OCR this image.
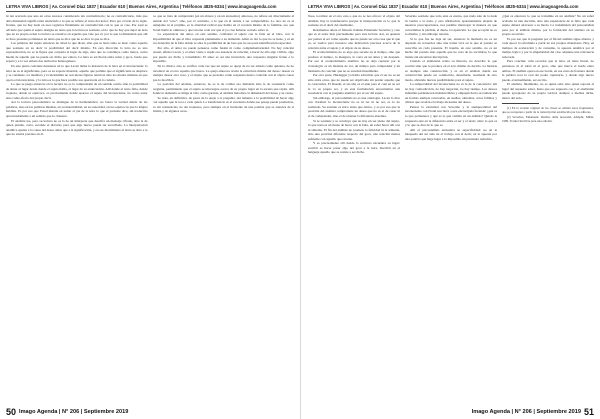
LETRA VIVA LIBROS | Av. Coronel Díaz 1837 | Ecuador 610 | Buenos Aires, Argentina | Teléfonos 4825-6334 | www.imagoagenda.com

ni tan acertado que uno en otros sucesos considerado tan contradictorio; no es contradictorio, más que dela dimensión signifi-cante enunciada a lo que se refiere el texto del lector. Pero por el lado de lo signi-ficante, que no hay nada en esos registros finalmente en contradicción con lo que se cree. Por aquí se advierte que quien el sujeto designa en tanto que la lectura se sostiene, en lo que no hay que dejar de lado que en su propio orden la lectura se resuelve en aquello que vale por él, por lo que la dimensión que allí se hace presente permanece en tanto que se dice que no se dice lo que se dice.

Las palabras del sujeto entonces no dicen lo que dicen, sino que se leen como se leen: como aquello que sostiene en su decir la posibilidad del decir mismo. En esta dirección la letra no es una representación, no es la figura que ocuparía el lugar de algo, sino que se constituye como marca, como huella de aquello que no puede ser dicho por entero. La letra es así litoral entre saber y goce, borde que separa y a la vez enlaza dos territorios heterogéneos.

En este punto conviene detenerse en lo que Lacan llama la instancia de la letra en el inconsciente: la letra no es el significante, pero es su soporte material, aquello que permite que el significante se desplace y se condense. La metáfora y la metonimia no son meras figuras retóricas sino los modos mismos en que opera el inconsciente, y la letra es lo que hace posible esa operatoria en la cadena.

Lo que se juega entonces en la lectura no es la comprensión de un sentido oculto sino la posibilidad de situar el lugar desde donde el sujeto habla, el lugar de su enunciación. Allí donde el texto falla, donde tropieza, donde se equivoca, es precisamente donde aparece el sujeto del inconsciente, no como autor sino como efecto del propio decir.

Así la lectura psicoanalítica se distingue de la hermenéutica: no busca la verdad detrás de las palabras, sino en las palabras mismas, en su materialidad, en su sonoridad, en los equívocos que la lengua habilita. Es por eso que Freud insistía en tomar al pie de la letra lo que el paciente dice, sin traducirlo apresuradamente a un sentido que lo clausure.

El analista lee, pero su lectura no es la de un intérprete que descifra un mensaje cifrado, sino la de quien puntúa, corta, escande el discurso para que algo nuevo pueda ser escuchado. La interpretación analítica apunta a la causa del deseo antes que a la significación, y en ese movimiento el texto se abre a lo que no estaba previsto en él.

Lo que se trata de comprender (en un abrazo y en un encuentro) amoroso, no refiere así directamente al sentido del "otro"; sino, por el contrario, a lo que en él resiste a ser comprendido. Lo otro no es el semejante ni el prójimo, es la alteridad radical que habita en el corazón mismo de lo familiar, eso que Freud llamó lo ominoso y que retorna cada vez que el yo cree haberse cerrado sobre sí.

La experiencia del amor, en este sentido, confronta al sujeto con la falta en el Otro, con la imposibilidad de que el Otro responda plenamente a su demanda. Amar es dar lo que no se tiene, y es en esa donación de la falta donde se abre la posibilidad de un lazo que no sea pura identificación especular.

Por ello, el amor no puede pensarse como fusión ni como complementariedad. No hay relación sexual, afirma Lacan, y el amor viene a suplir esa ausencia de relación, a hacer de ella algo vivible, algo que pueda ser dicho y transmitido. El amor es así una invención, una respuesta singular frente a lo imposible.

En la clínica, esto se verifica cada vez que un sujeto se queja de no ser amado como quisiera, de no encontrar en el otro aquello que busca. La queja amorosa revela la estructura misma del deseo: desear es siempre desear otra cosa, y el objeto que se presenta como respuesta nunca coincide con el objeto causa que lo moviliza.

La posición del analista, entonces, no es la de colmar esa demanda sino la de sostenerla como pregunta, permitiendo que el sujeto se interrogue acerca de su propio lugar en la escena que repite. Allí donde la demanda se dirige al Otro como garante, el análisis introduce la dimensión del deseo y su causa.

Se trata, en definitiva, de pasar de la queja a la pregunta, del lamento a la posibilidad de hacer algo con aquello que le toca a cada quien. La transferencia es el escenario donde ese pasaje puede producirse, no sin resistencias, no sin tropiezos, pero siempre en el horizonte de una palabra que se autoriza de sí misma y de algunos otros.

50 Imago Agenda | N° 206 | Septiembre 2019
LETRA VIVA LIBROS | Av. Coronel Díaz 1837 | Ecuador 610 | Buenos Aires, Argentina | Teléfonos 4825-6334 | www.imagoagenda.com

llosa, localizar en el otro esto o que no se nos ofrece: el objeto del análisis; hay la transferencia porque la interpretación es lo que la sostiene en el decir del analizante.

Retomemos ahora el filósofo italiano Emanuele Severino y creo que es el autor más precisamente para esta lectura. Así, su apuesta por pensar el ser como aquello que no puede ser otra cosa que lo que es, se vuelve para nosotros una indicación preciosa acerca de la relación entre el sujeto y el objeto de su deseo.

El acontecimiento no es algo que sucede en el tiempo, sino que produce el tiempo, lo inaugura, lo corta en un antes y un después. Por eso el acontecimiento analítico no se deja capturar por la cronología: es un instante de ver, un tiempo para comprender y un momento de concluir que no se suceden linealmente.

Por otra parte, Heidegger ya había advertido que el ser no es un ente entre otros, que no puede ser objetivado sin perder aquello que lo caracteriza. El Dasein, el ser-ahí, es el ente para el cual en su ser le va su propio ser, y en esta formulación encontramos una resonancia con la pregunta analítica por el ser del sujeto.

Sin embargo, el psicoanálisis no es una ontología. Lacan lo dice con claridad: lo inconsciente no es ni ser ni no ser, es lo no realizado. Su estatuto es ético antes que óntico, y es por eso que la posición del analista compromete un deseo que no es el de curar ni el de comprender, sino el de obtener la diferencia absoluta.

Si se sostiene y se concluye que no hay un ser pleno del sujeto, lo que resta es un modo de hacer con la falta, un saber hacer allí con el síntoma. El fin del análisis no promete la felicidad ni la armonía, sino una posición diferente respecto del goce, una relación menos sufriente con aquello que retorna.

Y es precisamente allí donde la escritura encuentra su lugar: escribir es hacer pasar algo del goce a la letra, inscribir en el lenguaje aquello que se resiste a ser dicho.

Severino sostiene que todo ente es eterno, que nada sale de la nada ni vuelve a la nada, y esta afirmación, aparentemente alejada de nuestras preocupaciones, nos permite interrogar la manera en que concebimos la pérdida, el duelo, la repetición. Lo que se repite no es lo mismo, y sin embargo retorna.

Si lo que fue no deja de ser, entonces la memoria no es un depósito de recuerdos sino una trama viva en la que el pasado se reescribe en cada presente. El trauma, en este sentido, no es un hecho del pasado sino aquello que no cesa de no escribirse, lo que insiste sin encontrar inscripción.

Cuando el analizante relata su historia, no describe lo que ocurrió sino que lo produce en el acto mismo de decirlo. La historia es siempre una construcción, y es en el análisis donde esa construcción puede ser conmovida, desarmada, rearmada de otro modo, abriendo nuevas posibilidades para el sujeto.

La temporalidad del inconsciente no es la de la conciencia: allí no hay contradicción, no hay negación, no hay tiempo. Los deseos infantiles permanecen indestructibles y empujan hacia su realización en formas siempre renovadas, en sueños, síntomas, actos fallidos y chistes que revelan el trabajo incesante del deseo.

Pensar la eternidad con Severino y la atemporalidad del inconsciente con Freud nos lleva a una encrucijada fecunda: ¿qué es lo que permanece y qué es lo que cambia en un análisis? Quizás la respuesta esté en la diferencia entre el ser y el decir, entre lo que es y lo que se dice de lo que es.

Allí el psicoanálisis encuentra su especificidad: no en la búsqueda del ser sino en el trabajo con el decir, en la apuesta por una palabra que haga lugar a lo imposible sin pretender reducirlo.

¿Qué es entonces lo que se transmite en un análisis? No un saber acabado ni una doctrina, sino una experiencia de la falta que cada sujeto deberá atravesar a su modo. La transmisión del psicoanálisis pasa por el análisis mismo, por la formación del analista en su propio recorrido.

Es por eso que la pregunta por el fin del análisis sigue abierta, y cada época la reformula a partir de sus propios malestares. Hoy, en tiempos de aceleración y de consumo, la apuesta analítica por el tiempo lógico y por la singularidad del caso adquiere una relevancia renovada.

Para concluir, cabe recordar que la letra, en tanto litoral, no pertenece ni al saber ni al goce, sino que marca el borde entre ambos. El análisis opera en ese borde, en esa zona de frontera donde la palabra toca lo real sin poder capturarlo, y donde algo nuevo puede, eventualmente, ser escrito.

El analista, finalmente, no es quien sabe sino quien soporta el lugar del supuesto saber, hasta que ese supuesto cae y el analizante puede apropiarse de su propia verdad, siempre a medias dicha, nunca del todo.

(1) En la versión original de las clases se omiten estos fragmentos, que se recuperan a partir de la transcripción establecida por los editores.

(2) Severino, Emanuele: Destino della necessità, Adelphi, Milán, 1980. Traducción libre para esta edición.

Imago Agenda | N° 206 | Septiembre 2019 51
